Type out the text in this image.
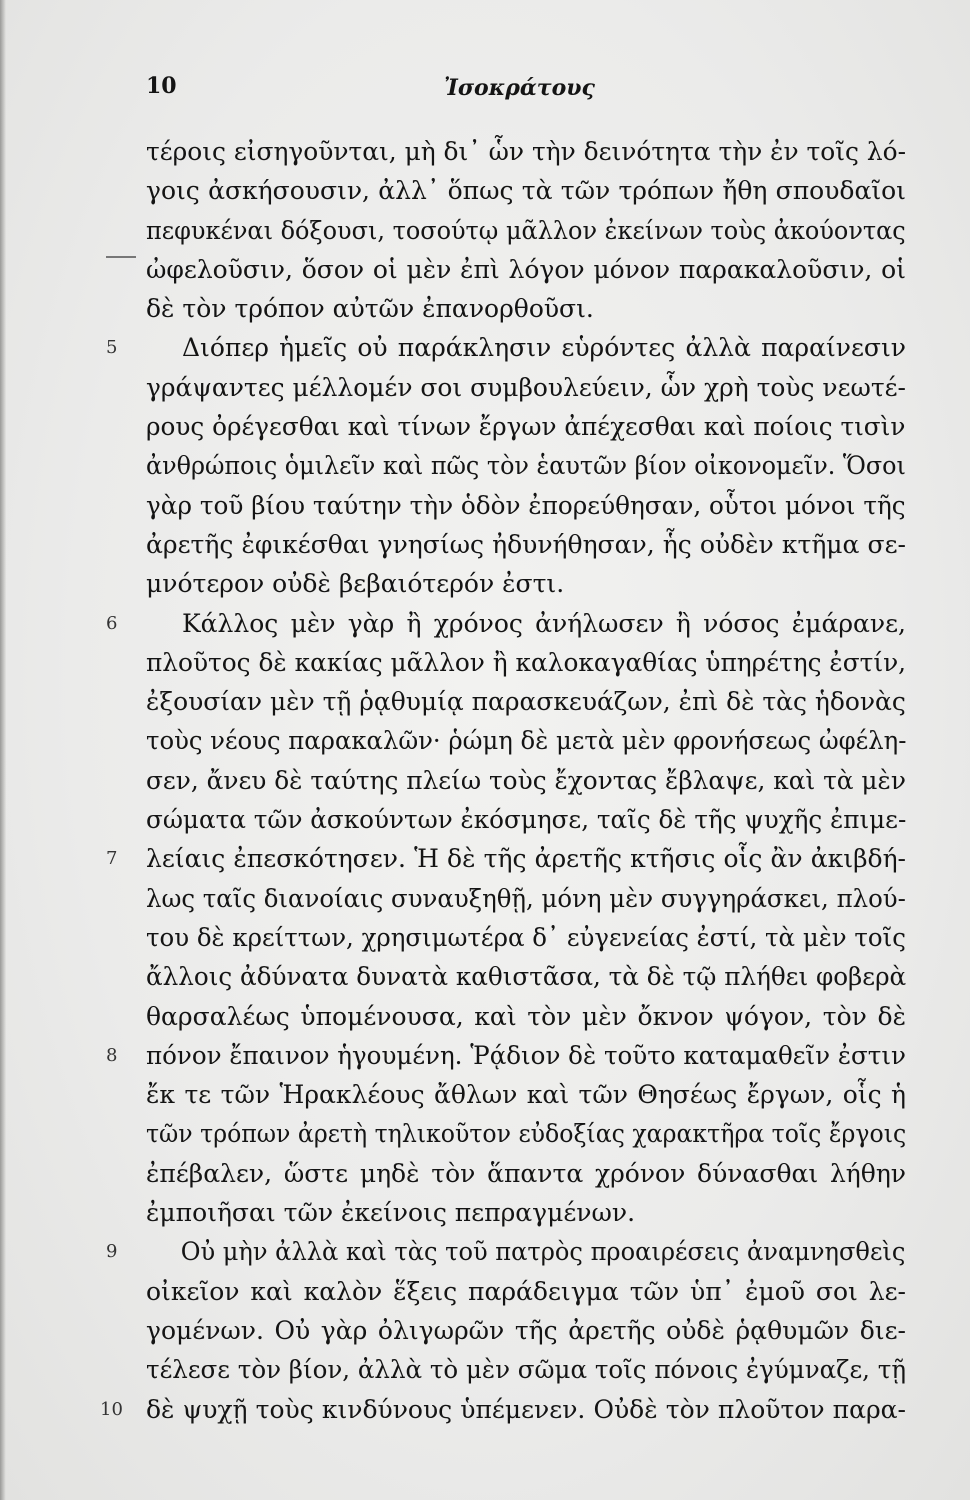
10	Ἰσοκράτους
τέροις εἰσηγοῦνται, μὴ δι᾽ ὧν τὴν δεινότητα τὴν ἐν τοῖς λό-
γοις ἀσκήσουσιν, ἀλλ᾽ ὅπως τὰ τῶν τρόπων ἤθη σπουδαῖοι
πεφυκέναι δόξουσι, τοσούτῳ μᾶλλον ἐκείνων τοὺς ἀκούοντας
ὠφελοῦσιν, ὅσον οἱ μὲν ἐπὶ λόγον μόνον παρακαλοῦσιν, οἱ
δὲ τὸν τρόπον αὐτῶν ἐπανορθοῦσι.
5	Διόπερ ἡμεῖς οὐ παράκλησιν εὑρόντες ἀλλὰ παραίνεσιν
γράψαντες μέλλομέν σοι συμβουλεύειν, ὧν χρὴ τοὺς νεωτέ-
ρους ὀρέγεσθαι καὶ τίνων ἔργων ἀπέχεσθαι καὶ ποίοις τισὶν
ἀνθρώποις ὁμιλεῖν καὶ πῶς τὸν ἑαυτῶν βίον οἰκονομεῖν. Ὅσοι
γὰρ τοῦ βίου ταύτην τὴν ὁδὸν ἐπορεύθησαν, οὗτοι μόνοι τῆς
ἀρετῆς ἐφικέσθαι γνησίως ἠδυνήθησαν, ἧς οὐδὲν κτῆμα σε-
μνότερον οὐδὲ βεβαιότερόν ἐστι.
6	Κάλλος μὲν γὰρ ἢ χρόνος ἀνήλωσεν ἢ νόσος ἐμάρανε,
πλοῦτος δὲ κακίας μᾶλλον ἢ καλοκαγαθίας ὑπηρέτης ἐστίν,
ἐξουσίαν μὲν τῇ ῥᾳθυμίᾳ παρασκευάζων, ἐπὶ δὲ τὰς ἡδονὰς
τοὺς νέους παρακαλῶν· ῥώμη δὲ μετὰ μὲν φρονήσεως ὠφέλη-
σεν, ἄνευ δὲ ταύτης πλείω τοὺς ἔχοντας ἔβλαψε, καὶ τὰ μὲν
σώματα τῶν ἀσκούντων ἐκόσμησε, ταῖς δὲ τῆς ψυχῆς ἐπιμε-
7 λείαις ἐπεσκότησεν. Ἡ δὲ τῆς ἀρετῆς κτῆσις οἷς ἂν ἀκιβδή-
λως ταῖς διανοίαις συναυξηθῇ, μόνη μὲν συγγηράσκει, πλού-
του δὲ κρείττων, χρησιμωτέρα δ᾽ εὐγενείας ἐστί, τὰ μὲν τοῖς
ἄλλοις ἀδύνατα δυνατὰ καθιστᾶσα, τὰ δὲ τῷ πλήθει φοβερὰ
θαρσαλέως ὑπομένουσα, καὶ τὸν μὲν ὄκνον ψόγον, τὸν δὲ
8 πόνον ἔπαινον ἡγουμένη. Ῥᾴδιον δὲ τοῦτο καταμαθεῖν ἐστιν
ἔκ τε τῶν Ἡρακλέους ἄθλων καὶ τῶν Θησέως ἔργων, οἷς ἡ
τῶν τρόπων ἀρετὴ τηλικοῦτον εὐδοξίας χαρακτῆρα τοῖς ἔργοις
ἐπέβαλεν, ὥστε μηδὲ τὸν ἅπαντα χρόνον δύνασθαι λήθην
ἐμποιῆσαι τῶν ἐκείνοις πεπραγμένων.
9	Οὐ μὴν ἀλλὰ καὶ τὰς τοῦ πατρὸς προαιρέσεις ἀναμνησθεὶς
οἰκεῖον καὶ καλὸν ἕξεις παράδειγμα τῶν ὑπ᾽ ἐμοῦ σοι λε-
γομένων. Οὐ γὰρ ὀλιγωρῶν τῆς ἀρετῆς οὐδὲ ῥᾳθυμῶν διε-
τέλεσε τὸν βίον, ἀλλὰ τὸ μὲν σῶμα τοῖς πόνοις ἐγύμναζε, τῇ
10 δὲ ψυχῇ τοὺς κινδύνους ὑπέμενεν. Οὐδὲ τὸν πλοῦτον παρα-
